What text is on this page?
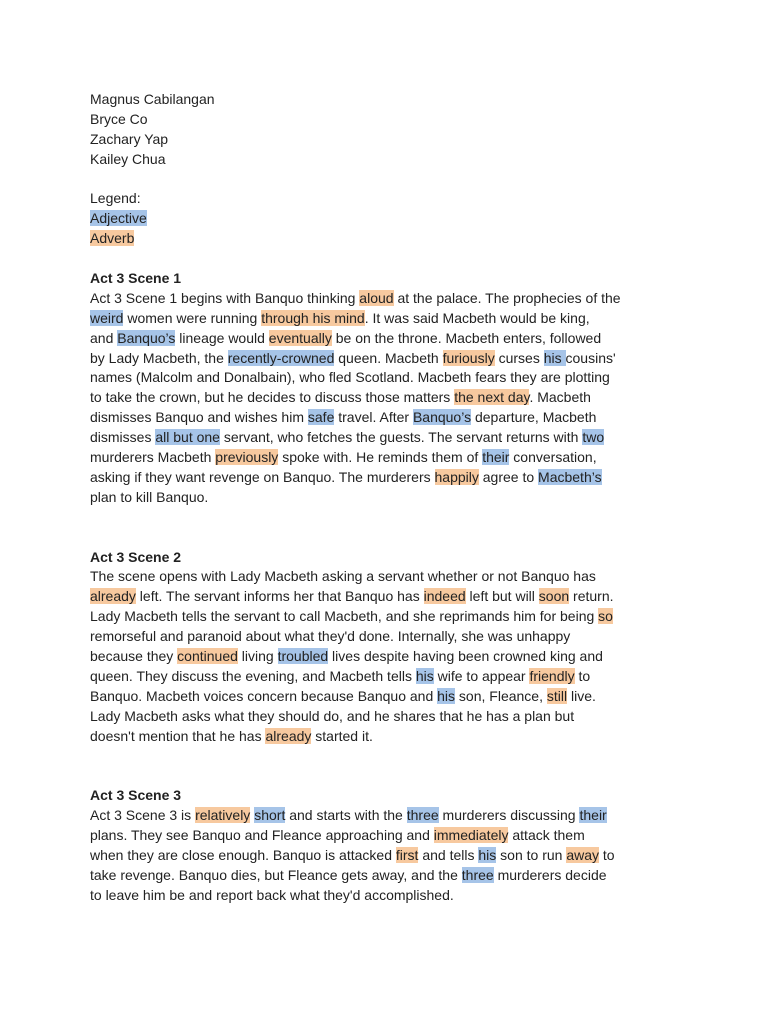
Magnus Cabilangan
Bryce Co
Zachary Yap
Kailey Chua
Legend:
Adjective
Adverb
Act 3 Scene 1
Act 3 Scene 1 begins with Banquo thinking aloud at the palace. The prophecies of the
weird women were running through his mind. It was said Macbeth would be king,
and Banquo’s lineage would eventually be on the throne. Macbeth enters, followed
by Lady Macbeth, the recently-crowned queen. Macbeth furiously curses his cousins'
names (Malcolm and Donalbain), who fled Scotland. Macbeth fears they are plotting
to take the crown, but he decides to discuss those matters the next day. Macbeth
dismisses Banquo and wishes him safe travel. After Banquo’s departure, Macbeth
dismisses all but one servant, who fetches the guests. The servant returns with two
murderers Macbeth previously spoke with. He reminds them of their conversation,
asking if they want revenge on Banquo. The murderers happily agree to Macbeth’s
plan to kill Banquo.
Act 3 Scene 2
The scene opens with Lady Macbeth asking a servant whether or not Banquo has
already left. The servant informs her that Banquo has indeed left but will soon return.
Lady Macbeth tells the servant to call Macbeth, and she reprimands him for being so
remorseful and paranoid about what they'd done. Internally, she was unhappy
because they continued living troubled lives despite having been crowned king and
queen. They discuss the evening, and Macbeth tells his wife to appear friendly to
Banquo. Macbeth voices concern because Banquo and his son, Fleance, still live.
Lady Macbeth asks what they should do, and he shares that he has a plan but
doesn't mention that he has already started it.
Act 3 Scene 3
Act 3 Scene 3 is relatively short and starts with the three murderers discussing their
plans. They see Banquo and Fleance approaching and immediately attack them
when they are close enough. Banquo is attacked first and tells his son to run away to
take revenge. Banquo dies, but Fleance gets away, and the three murderers decide
to leave him be and report back what they'd accomplished.
